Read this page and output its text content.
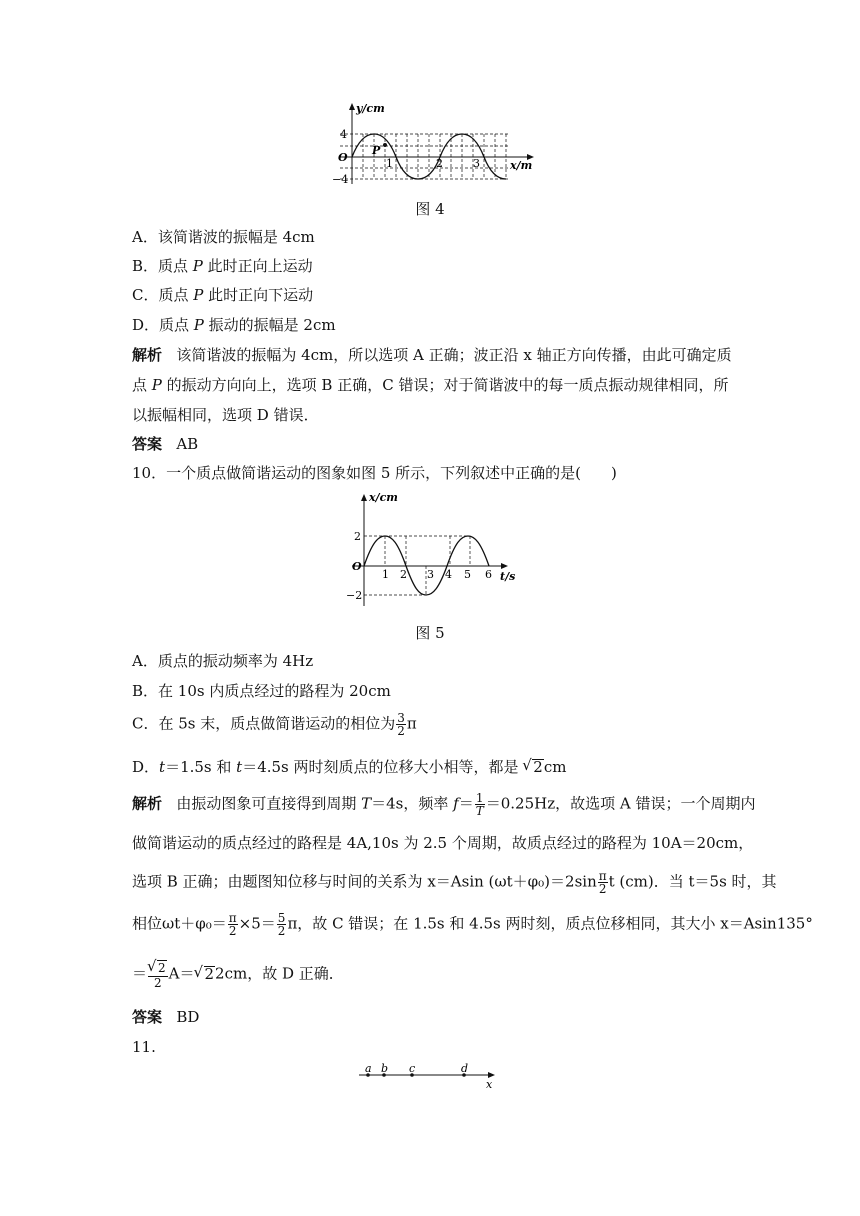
P
y/cm
x/m
O
4
−4
1	2	3
图 4
A．该简谐波的振幅是 4cm
B．质点 P 此时正向上运动
C．质点 P 此时正向下运动
D．质点 P 振动的振幅是 2cm
解析 该简谐波的振幅为 4cm，所以选项 A 正确；波正沿 x 轴正方向传播，由此可确定质
点 P 的振动方向向上，选项 B 正确，C 错误；对于简谐波中的每一质点振动规律相同，所
以振幅相同，选项 D 错误．
答案 AB
10．一个质点做简谐运动的图象如图 5 所示，下列叙述中正确的是(　　)
x/cm
t/s
O
2
−2
1 2 3 4 5 6
图 5
A．质点的振动频率为 4Hz
B．在 10s 内质点经过的路程为 20cm
C．在 5s 末，质点做简谐运动的相位为 $\frac{3}{2}$ π
D．t＝1.5s 和 t＝4.5s 两时刻质点的位移大小相等，都是 √ 2cm
解析 由振动图象可直接得到周期 T＝4s，频率 $f= \frac{1}{T} =0.25Hz$，故选项 A 错误；一个周期内
做简谐运动的质点经过的路程是 4A,10s 为 2.5 个周期，故质点经过的路程为 10A＝20cm，
选项 B 正确；由题图知位移与时间的关系为 x＝Asin $(\omega t+\varphi_0)=2\sin \frac{\pi}{2}$ t (cm)．当 t＝5s 时，其
相位$\omega t+\varphi_0= \frac{\pi}{2} \times 5= \frac{5}{2}$ π，故 C 错误；在 1.5s 和 4.5s 两时刻，质点位移相同，其大小 x＝Asin135°
＝
√ $\frac{2}{2} A=√$ 22cm，故 D 正确．
答案 BD
11.
a b c	d
x
